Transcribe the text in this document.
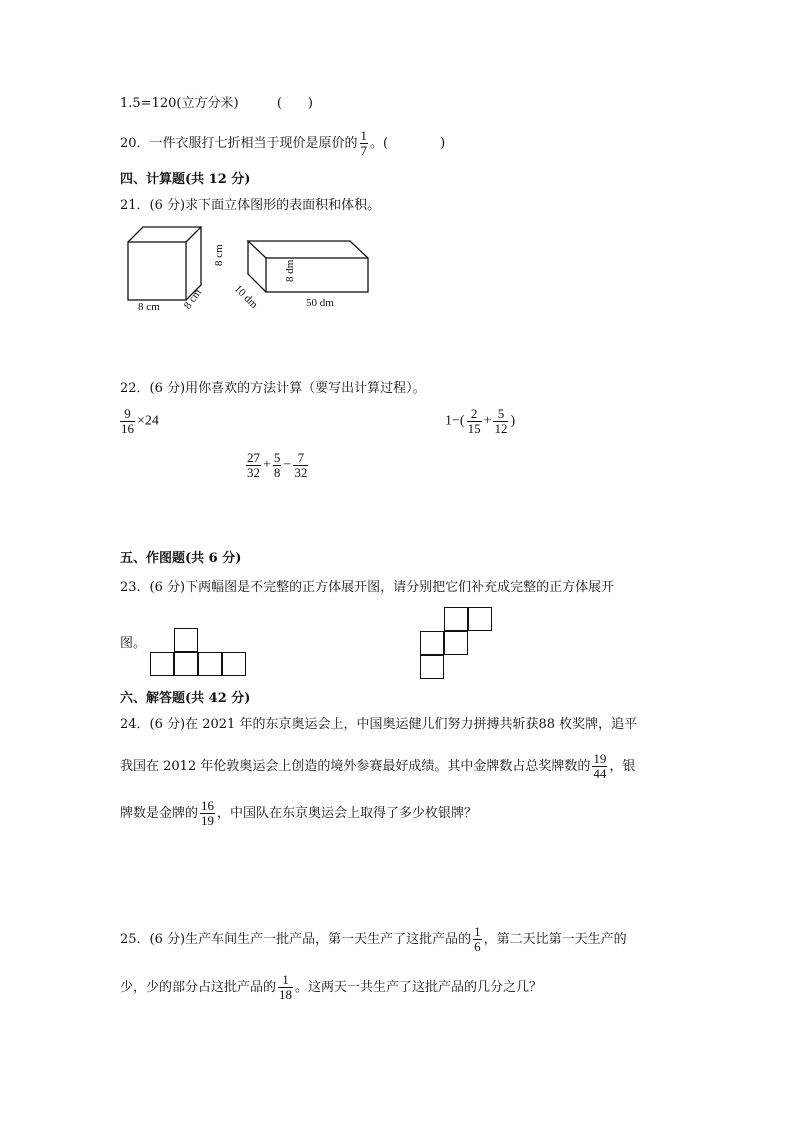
1.5=120(立方分米)	(　　)
20．一件衣服打七折相当于现价是原价的 $\frac{1}{7}$ 。(　　　　)
四、计算题(共 12 分)
21．(6 分)求下面立体图形的表面积和体积。
8 cm 8 cm
8 cm
8 dm
10 dm	50 dm
22．(6 分)用你喜欢的方法计算（要写出计算过程）。
$\frac{9}{16} \times 24$	$1-( \frac{2}{15} + \frac{5}{12}$ )
$\frac{27}{32} + \frac{5}{8} - \frac{7}{32}$
五、作图题(共 6 分)
23．(6 分)下两幅图是不完整的正方体展开图，请分别把它们补充成完整的正方体展开
图。
六、解答题(共 42 分)
24．(6 分)在 2021 年的东京奥运会上，中国奥运健儿们努力拼搏共斩获88 枚奖牌，追平
我国在 2012 年伦敦奥运会上创造的境外参赛最好成绩。其中金牌数占总奖牌数的 $\frac{19}{44}$ ，银
牌数是金牌的 $\frac{16}{19}$ ，中国队在东京奥运会上取得了多少枚银牌？
25．(6 分)生产车间生产一批产品，第一天生产了这批产品的 $\frac{1}{6}$ ，第二天比第一天生产的
少，少的部分占这批产品的 $\frac{1}{18}$ 。这两天一共生产了这批产品的几分之几？
